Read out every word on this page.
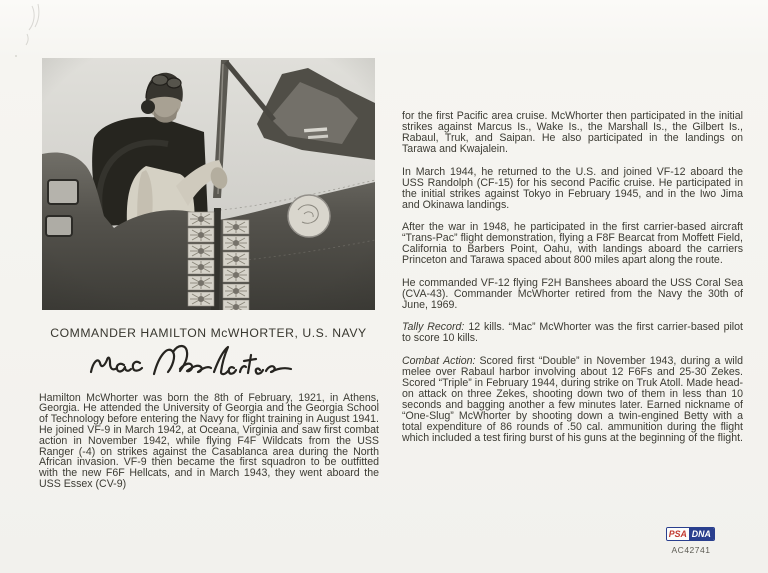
COMMANDER HAMILTON McWHORTER, U.S. NAVY

Hamilton McWhorter was born the 8th of February, 1921, in Athens, Georgia. He attended the University of Georgia and the Georgia School of Technology before entering the Navy for flight training in August 1941. He joined VF-9 in March 1942, at Oceana, Virginia and saw first combat action in November 1942, while flying F4F Wildcats from the USS Ranger (-4) on strikes against the Casablanca area during the North African invasion. VF-9 then became the first squadron to be outfitted with the new F6F Hellcats, and in March 1943, they went aboard the USS Essex (CV-9)

for the first Pacific area cruise. McWhorter then participated in the initial strikes against Marcus Is., Wake Is., the Marshall Is., the Gilbert Is., Rabaul, Truk, and Saipan. He also participated in the landings on Tarawa and Kwajalein.

In March 1944, he returned to the U.S. and joined VF-12 aboard the USS Randolph (CF-15) for his second Pacific cruise. He participated in the initial strikes against Tokyo in February 1945, and in the Iwo Jima and Okinawa landings.

After the war in 1948, he participated in the first carrier-based aircraft “Trans-Pac” flight demonstration, flying a F8F Bearcat from Moffett Field, California to Barbers Point, Oahu, with landings aboard the carriers Princeton and Tarawa spaced about 800 miles apart along the route.

He commanded VF-12 flying F2H Banshees aboard the USS Coral Sea (CVA-43). Commander McWhorter retired from the Navy the 30th of June, 1969.

Tally Record: 12 kills. “Mac” McWhorter was the first carrier-based pilot to score 10 kills.

Combat Action: Scored first “Double” in November 1943, during a wild melee over Rabaul harbor involving about 12 F6Fs and 25-30 Zekes. Scored “Triple” in February 1944, during strike on Truk Atoll. Made head-on attack on three Zekes, shooting down two of them in less than 10 seconds and bagging another a few minutes later. Earned nickname of “One-Slug” McWhorter by shooting down a twin-engined Betty with a total expenditure of 86 rounds of .50 cal. ammunition during the flight which included a test firing burst of his guns at the beginning of the flight.

PSA DNA
AC42741
